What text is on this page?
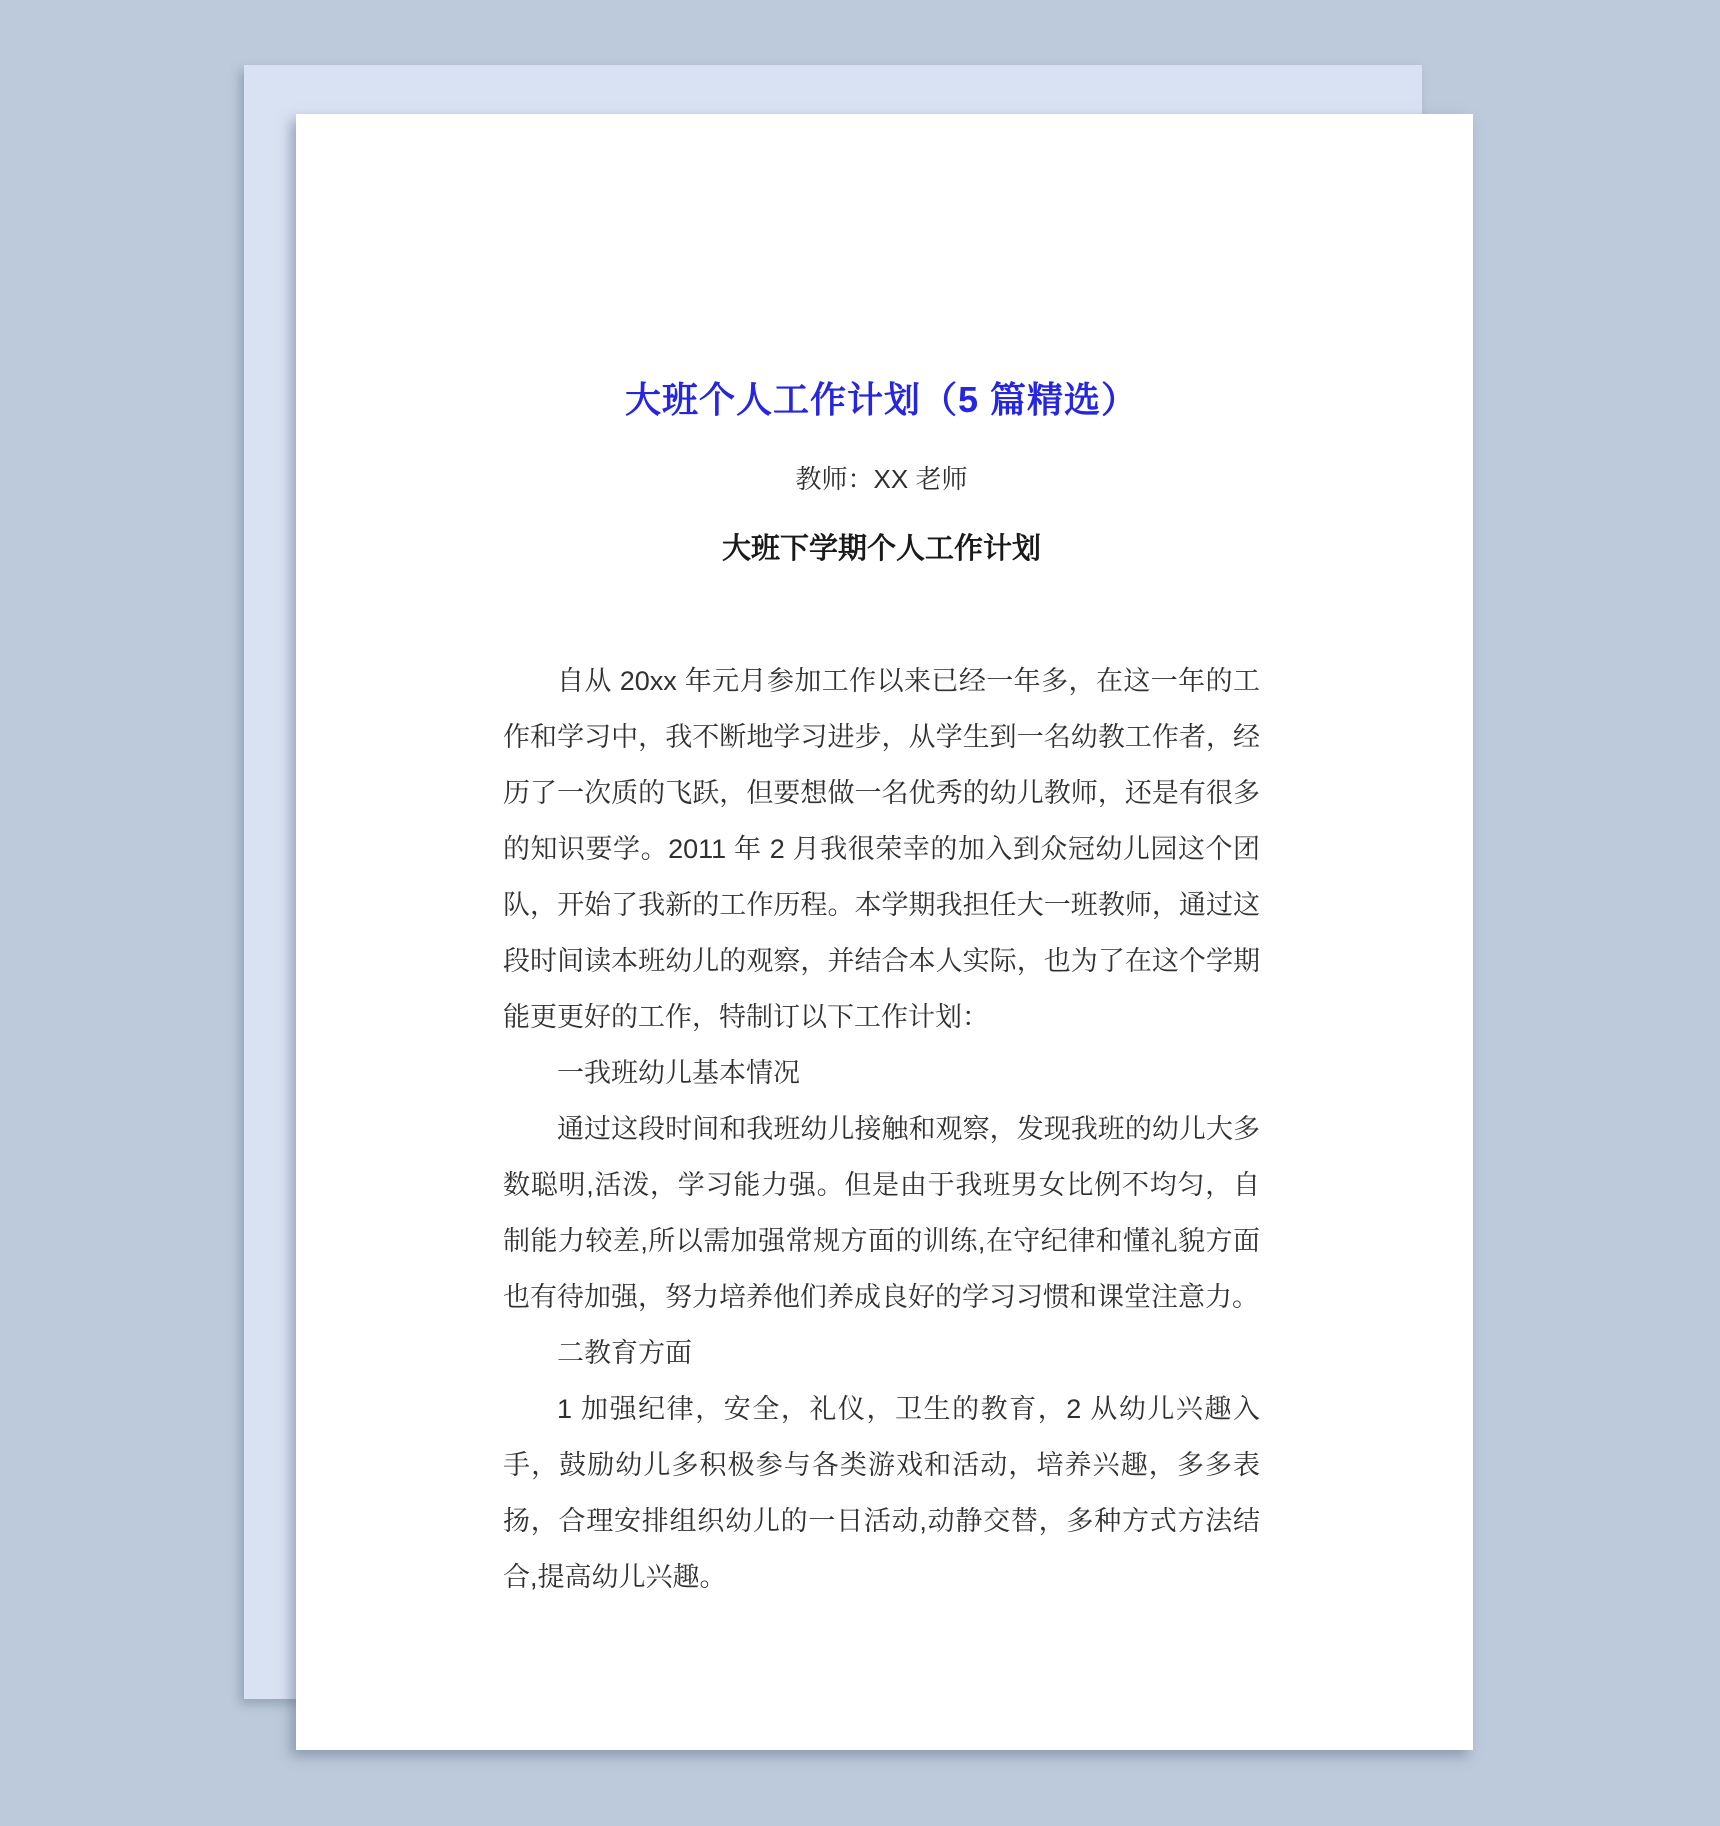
大班个人工作计划（5 篇精选）
教师：XX 老师
大班下学期个人工作计划

自从 20xx 年元月参加工作以来已经一年多，在这一年的工作和学习中，我不断地学习进步，从学生到一名幼教工作者，经历了一次质的飞跃，但要想做一名优秀的幼儿教师，还是有很多的知识要学。2011 年 2 月我很荣幸的加入到众冠幼儿园这个团队，开始了我新的工作历程。本学期我担任大一班教师，通过这段时间读本班幼儿的观察，并结合本人实际，也为了在这个学期能更更好的工作，特制订以下工作计划：

一我班幼儿基本情况

通过这段时间和我班幼儿接触和观察，发现我班的幼儿大多数聪明,活泼，学习能力强。但是由于我班男女比例不均匀，自制能力较差,所以需加强常规方面的训练,在守纪律和懂礼貌方面也有待加强，努力培养他们养成良好的学习习惯和课堂注意力。

二教育方面

1 加强纪律，安全，礼仪，卫生的教育，2 从幼儿兴趣入手，鼓励幼儿多积极参与各类游戏和活动，培养兴趣，多多表扬，合理安排组织幼儿的一日活动,动静交替，多种方式方法结合,提高幼儿兴趣。
